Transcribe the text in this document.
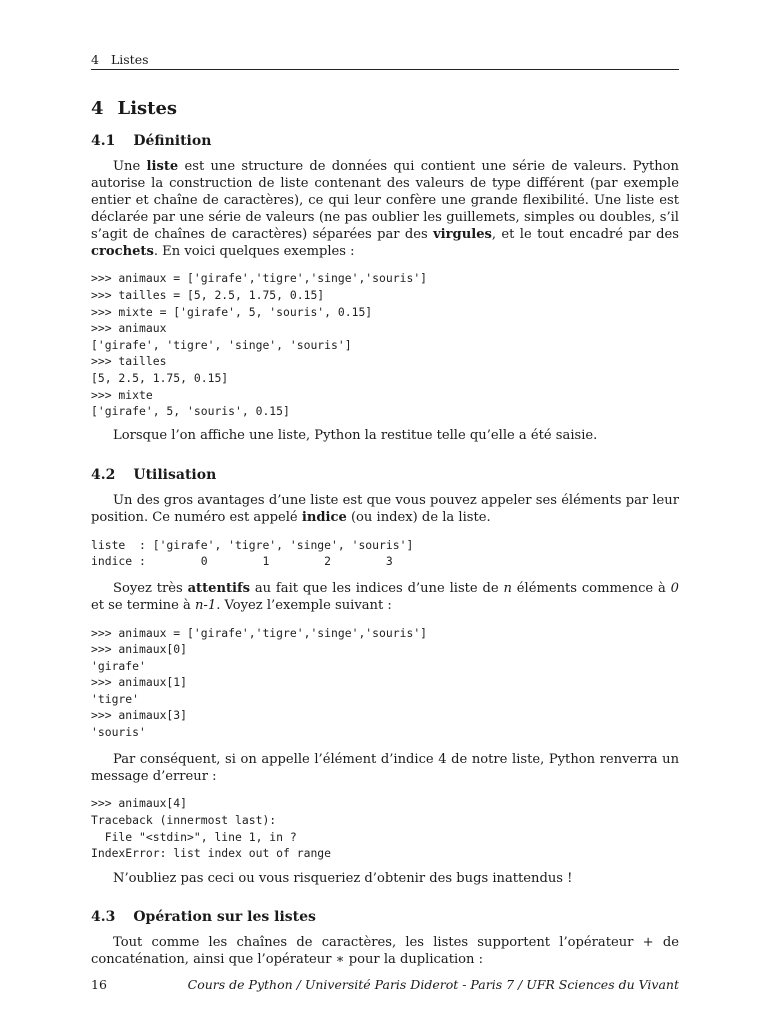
4 Listes
4 Listes
4.1 Définition

Une liste est une structure de données qui contient une série de valeurs. Python autorise la construction de liste contenant des valeurs de type différent (par exemple entier et chaîne de caractères), ce qui leur confère une grande flexibilité. Une liste est déclarée par une série de valeurs (ne pas oublier les guillemets, simples ou doubles, s’il s’agit de chaînes de caractères) séparées par des virgules, et le tout encadré par des crochets. En voici quelques exemples :

>>> animaux = ['girafe','tigre','singe','souris']
>>> tailles = [5, 2.5, 1.75, 0.15]
>>> mixte = ['girafe', 5, 'souris', 0.15]
>>> animaux
['girafe', 'tigre', 'singe', 'souris']
>>> tailles
[5, 2.5, 1.75, 0.15]
>>> mixte
['girafe', 5, 'souris', 0.15]

Lorsque l’on affiche une liste, Python la restitue telle qu’elle a été saisie.

4.2 Utilisation

Un des gros avantages d’une liste est que vous pouvez appeler ses éléments par leur position. Ce numéro est appelé indice (ou index) de la liste.

liste  : ['girafe', 'tigre', 'singe', 'souris']
indice :        0        1        2        3

Soyez très attentifs au fait que les indices d’une liste de n éléments commence à 0 et se termine à n-1. Voyez l’exemple suivant :

>>> animaux = ['girafe','tigre','singe','souris']
>>> animaux[0]
'girafe'
>>> animaux[1]
'tigre'
>>> animaux[3]
'souris'

Par conséquent, si on appelle l’élément d’indice 4 de notre liste, Python renverra un message d’erreur :

>>> animaux[4]
Traceback (innermost last):
File "<stdin>", line 1, in ?
IndexError: list index out of range

N’oubliez pas ceci ou vous risqueriez d’obtenir des bugs inattendus !

4.3 Opération sur les listes

Tout comme les chaînes de caractères, les listes supportent l’opérateur + de concaténation, ainsi que l’opérateur ∗ pour la duplication :

16	Cours de Python / Université Paris Diderot - Paris 7 / UFR Sciences du Vivant
